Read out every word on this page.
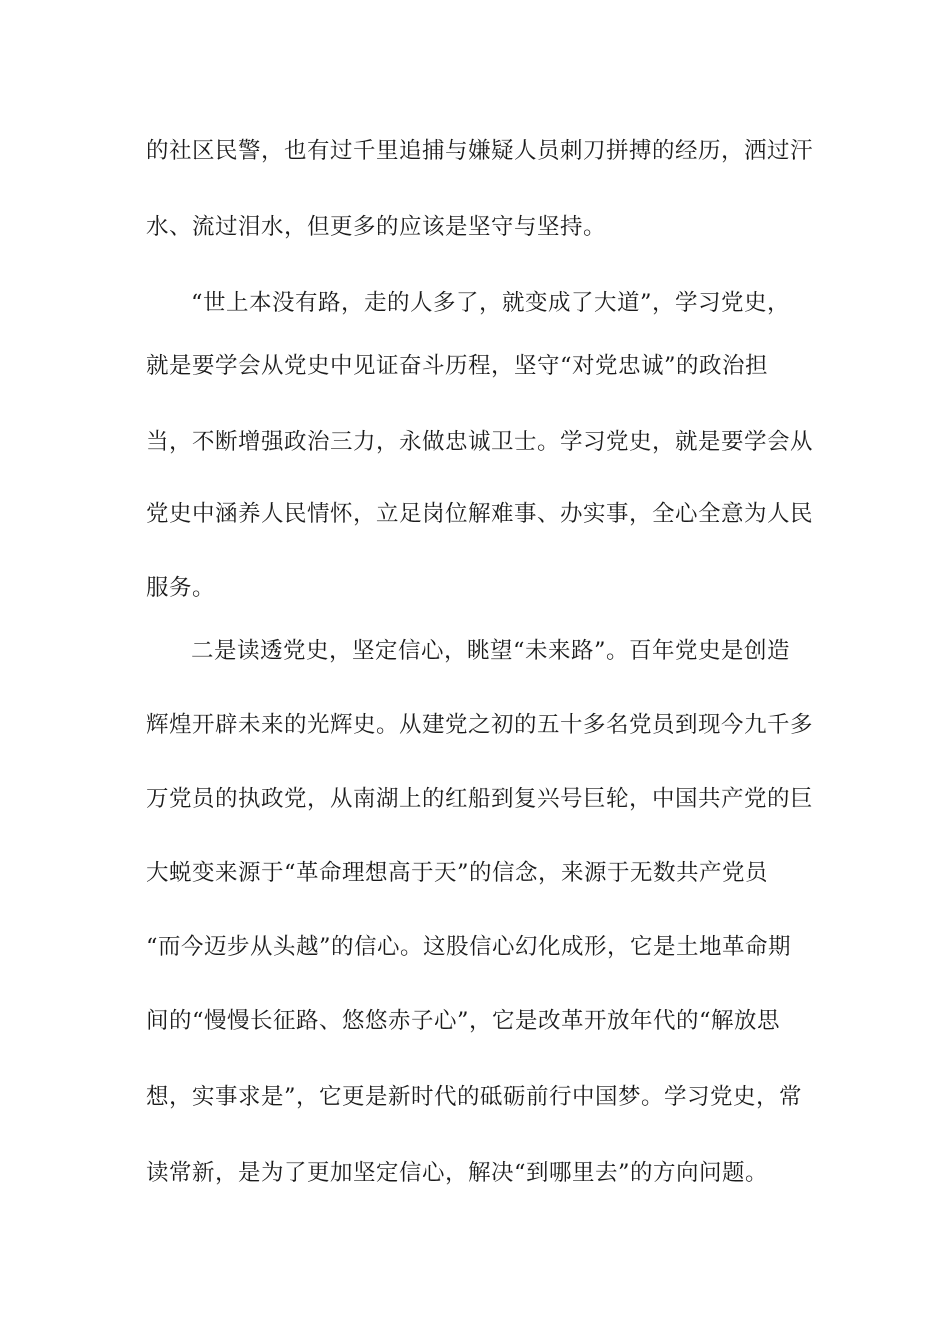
的社区民警，也有过千里追捕与嫌疑人员刺刀拼搏的经历，洒过汗
水、流过泪水，但更多的应该是坚守与坚持。
“世上本没有路，走的人多了，就变成了大道”，学习党史，
就是要学会从党史中见证奋斗历程，坚守“对党忠诚”的政治担
当，不断增强政治三力，永做忠诚卫士。学习党史，就是要学会从
党史中涵养人民情怀，立足岗位解难事、办实事，全心全意为人民
服务。
二是读透党史，坚定信心，眺望“未来路”。百年党史是创造
辉煌开辟未来的光辉史。从建党之初的五十多名党员到现今九千多
万党员的执政党，从南湖上的红船到复兴号巨轮，中国共产党的巨
大蜕变来源于“革命理想高于天”的信念，来源于无数共产党员
“而今迈步从头越”的信心。这股信心幻化成形，它是土地革命期
间的“慢慢长征路、悠悠赤子心”，它是改革开放年代的“解放思
想，实事求是”，它更是新时代的砥砺前行中国梦。学习党史，常
读常新，是为了更加坚定信心，解决“到哪里去”的方向问题。
